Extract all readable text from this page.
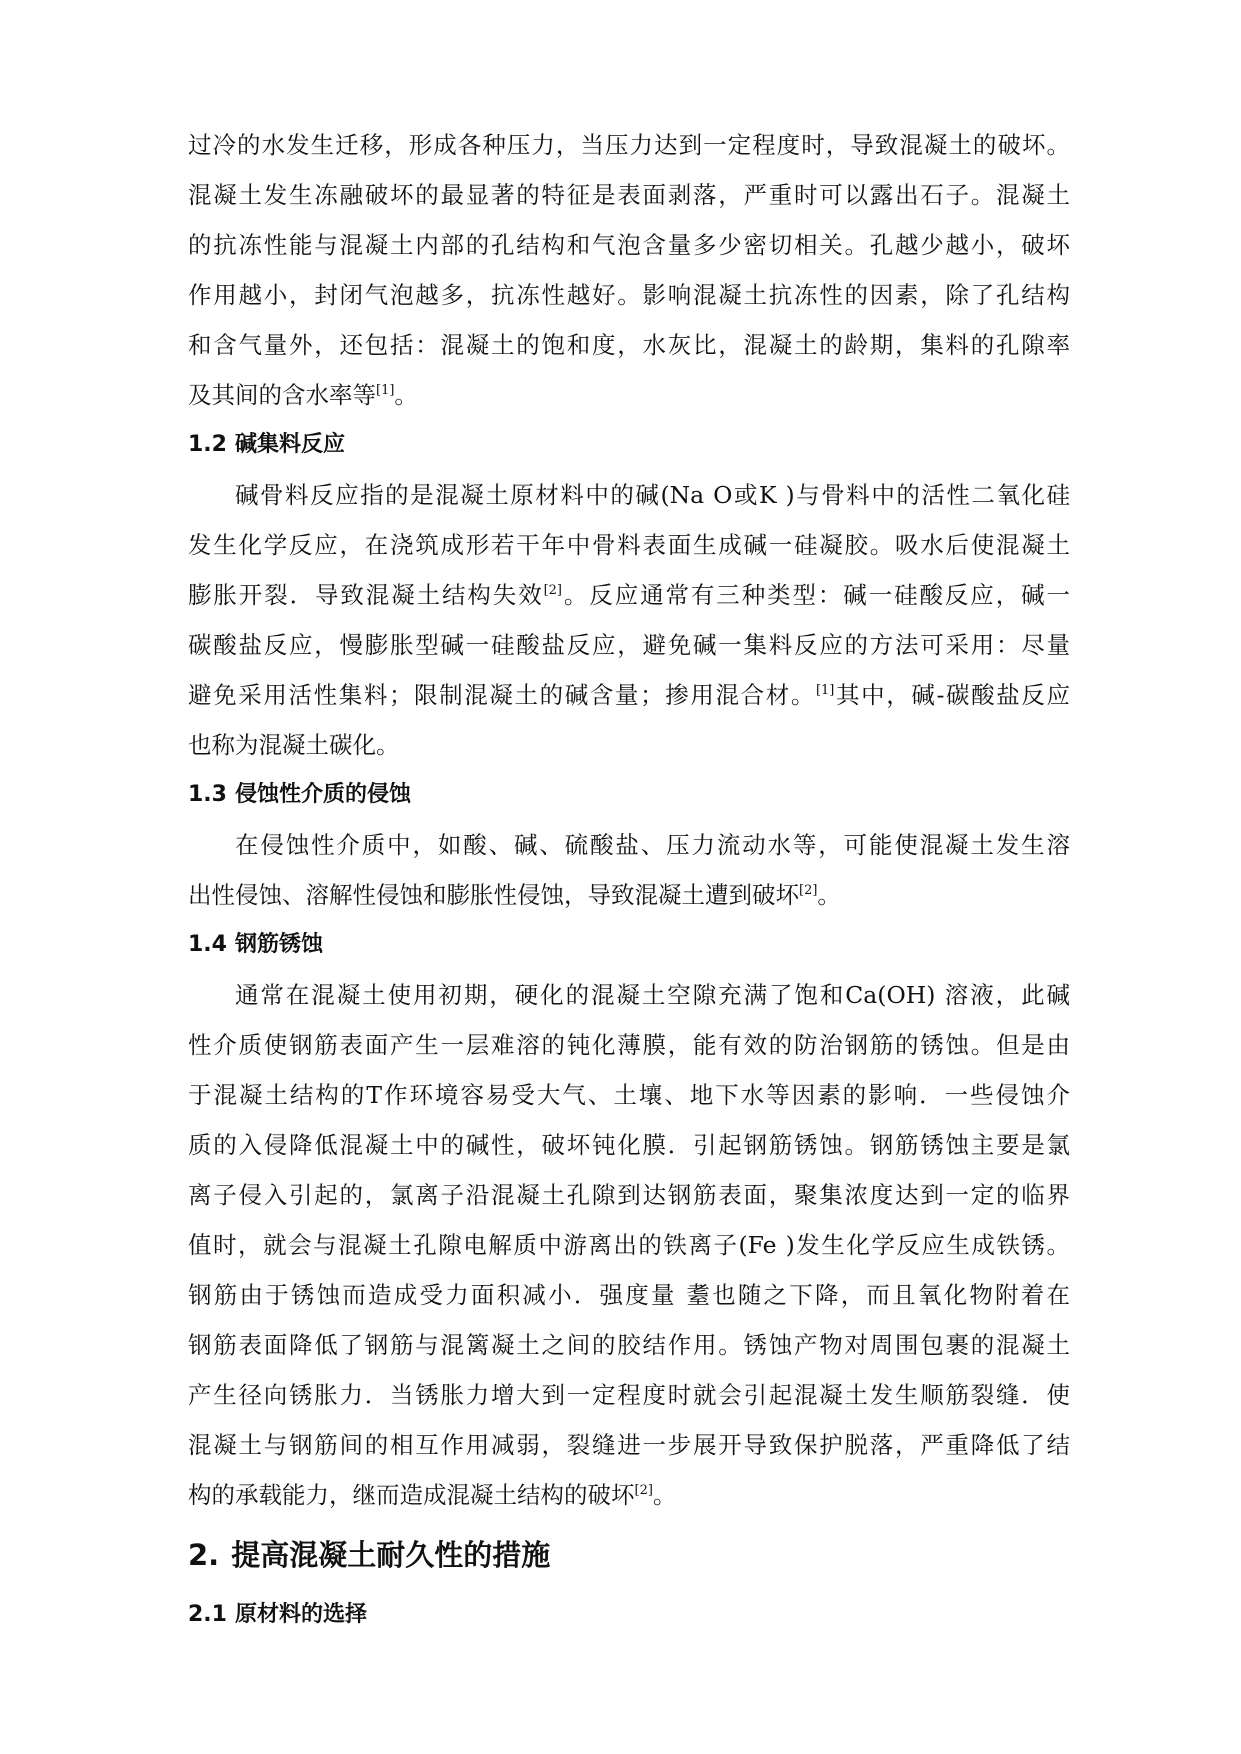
过冷的水发生迁移，形成各种压力，当压力达到一定程度时，导致混凝土的破坏。
混凝土发生冻融破坏的最显著的特征是表面剥落，严重时可以露出石子。混凝土
的抗冻性能与混凝土内部的孔结构和气泡含量多少密切相关。孔越少越小，破坏
作用越小，封闭气泡越多，抗冻性越好。影响混凝土抗冻性的因素，除了孔结构
和含气量外，还包括：混凝土的饱和度，水灰比，混凝土的龄期，集料的孔隙率
及其间的含水率等[1]。
1.2 碱集料反应
碱骨料反应指的是混凝土原材料中的碱(Na O或K )与骨料中的活性二氧化硅
发生化学反应，在浇筑成形若干年中骨料表面生成碱一硅凝胶。吸水后使混凝土
膨胀开裂．导致混凝土结构失效[2]。反应通常有三种类型：碱一硅酸反应，碱一
碳酸盐反应，慢膨胀型碱一硅酸盐反应，避免碱一集料反应的方法可采用：尽量
避免采用活性集料；限制混凝土的碱含量；掺用混合材。[1]其中，碱-碳酸盐反应
也称为混凝土碳化。
1.3 侵蚀性介质的侵蚀
在侵蚀性介质中，如酸、碱、硫酸盐、压力流动水等，可能使混凝土发生溶
出性侵蚀、溶解性侵蚀和膨胀性侵蚀，导致混凝土遭到破坏[2]。
1.4 钢筋锈蚀
通常在混凝土使用初期，硬化的混凝土空隙充满了饱和Ca(OH) 溶液，此碱
性介质使钢筋表面产生一层难溶的钝化薄膜，能有效的防治钢筋的锈蚀。但是由
于混凝土结构的T作环境容易受大气、土壤、地下水等因素的影响．一些侵蚀介
质的入侵降低混凝土中的碱性，破坏钝化膜．引起钢筋锈蚀。钢筋锈蚀主要是氯
离子侵入引起的，氯离子沿混凝土孔隙到达钢筋表面，聚集浓度达到一定的临界
值时，就会与混凝土孔隙电解质中游离出的铁离子(Fe )发生化学反应生成铁锈。
钢筋由于锈蚀而造成受力面积减小．强度量 耋也随之下降，而且氧化物附着在
钢筋表面降低了钢筋与混篱凝土之间的胶结作用。锈蚀产物对周围包裹的混凝土
产生径向锈胀力．当锈胀力增大到一定程度时就会引起混凝土发生顺筋裂缝．使
混凝土与钢筋间的相互作用减弱，裂缝进一步展开导致保护脱落，严重降低了结
构的承载能力，继而造成混凝土结构的破坏[2]。
2. 提高混凝土耐久性的措施
2.1 原材料的选择
